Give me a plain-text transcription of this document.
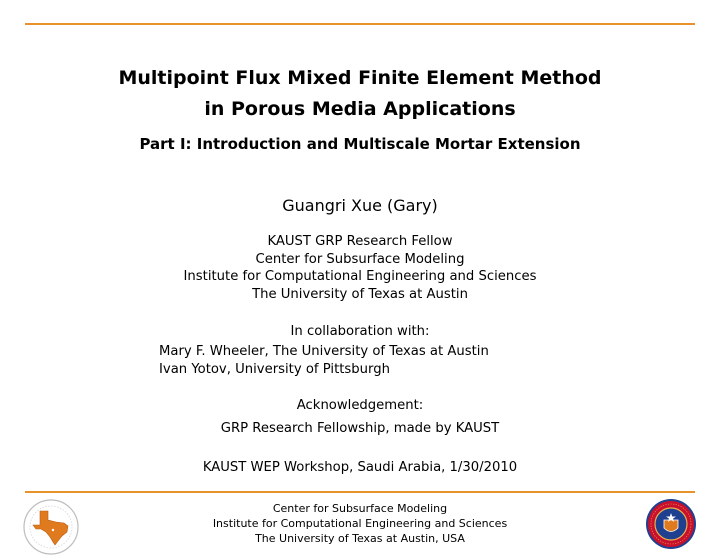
Multipoint Flux Mixed Finite Element Method
in Porous Media Applications
Part I: Introduction and Multiscale Mortar Extension
Guangri Xue (Gary)
KAUST GRP Research Fellow
Center for Subsurface Modeling
Institute for Computational Engineering and Sciences
The University of Texas at Austin
In collaboration with:
Mary F. Wheeler, The University of Texas at Austin
Ivan Yotov, University of Pittsburgh
Acknowledgement:
GRP Research Fellowship, made by KAUST
KAUST WEP Workshop, Saudi Arabia, 1/30/2010
Center for Subsurface Modeling
Institute for Computational Engineering and Sciences
The University of Texas at Austin, USA
